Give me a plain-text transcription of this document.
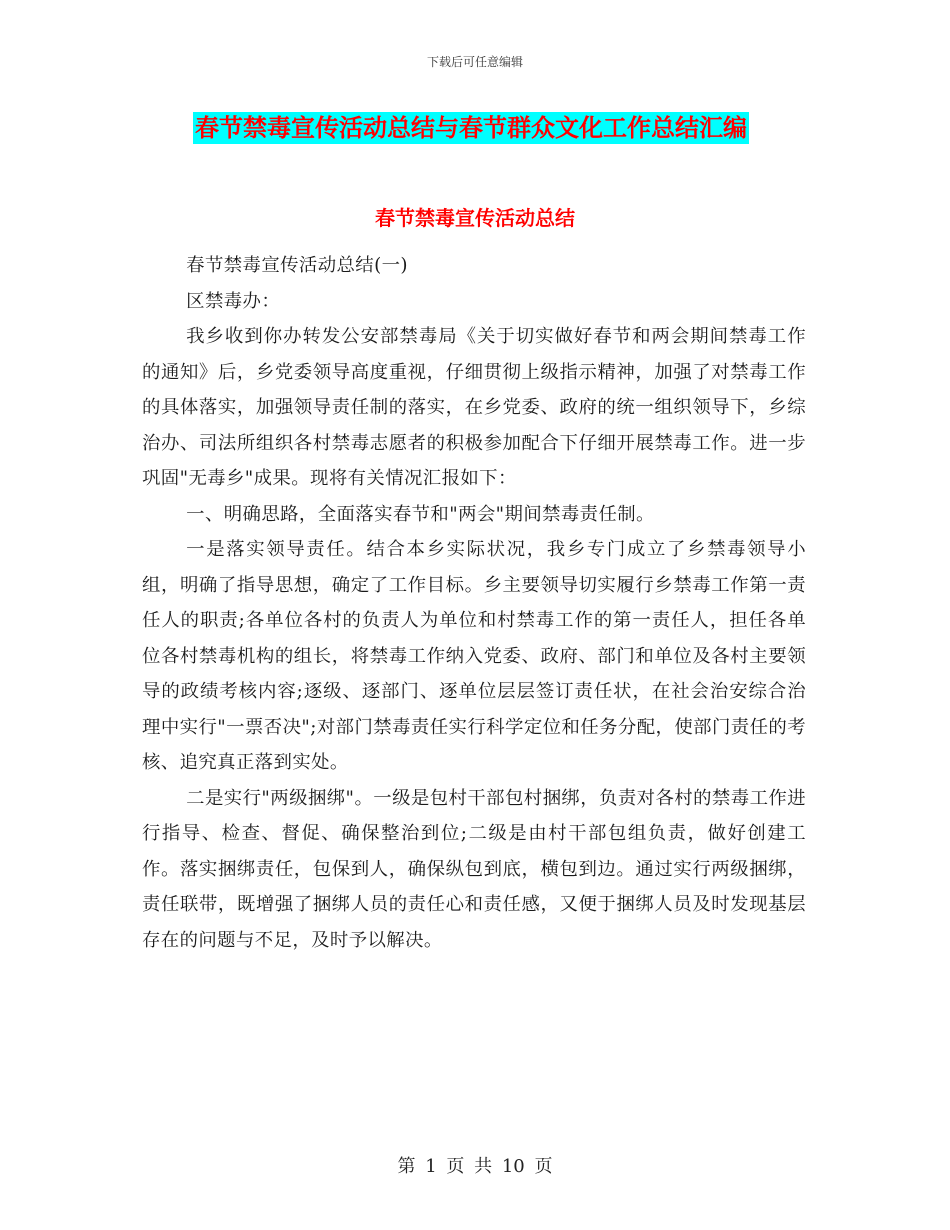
下载后可任意编辑
春节禁毒宣传活动总结与春节群众文化工作总结汇编
春节禁毒宣传活动总结

春节禁毒宣传活动总结(一)

区禁毒办：

我乡收到你办转发公安部禁毒局《关于切实做好春节和两会期间禁毒工作的通知》后，乡党委领导高度重视，仔细贯彻上级指示精神，加强了对禁毒工作的具体落实，加强领导责任制的落实，在乡党委、政府的统一组织领导下，乡综治办、司法所组织各村禁毒志愿者的积极参加配合下仔细开展禁毒工作。进一步巩固"无毒乡"成果。现将有关情况汇报如下：

一、明确思路，全面落实春节和"两会"期间禁毒责任制。

一是落实领导责任。结合本乡实际状况，我乡专门成立了乡禁毒领导小组，明确了指导思想，确定了工作目标。乡主要领导切实履行乡禁毒工作第一责任人的职责;各单位各村的负责人为单位和村禁毒工作的第一责任人，担任各单位各村禁毒机构的组长，将禁毒工作纳入党委、政府、部门和单位及各村主要领导的政绩考核内容;逐级、逐部门、逐单位层层签订责任状，在社会治安综合治理中实行"一票否决";对部门禁毒责任实行科学定位和任务分配，使部门责任的考核、追究真正落到实处。

二是实行"两级捆绑"。一级是包村干部包村捆绑，负责对各村的禁毒工作进行指导、检查、督促、确保整治到位;二级是由村干部包组负责，做好创建工作。落实捆绑责任，包保到人，确保纵包到底，横包到边。通过实行两级捆绑，责任联带，既增强了捆绑人员的责任心和责任感，又便于捆绑人员及时发现基层存在的问题与不足，及时予以解决。

第 1 页 共 10 页
